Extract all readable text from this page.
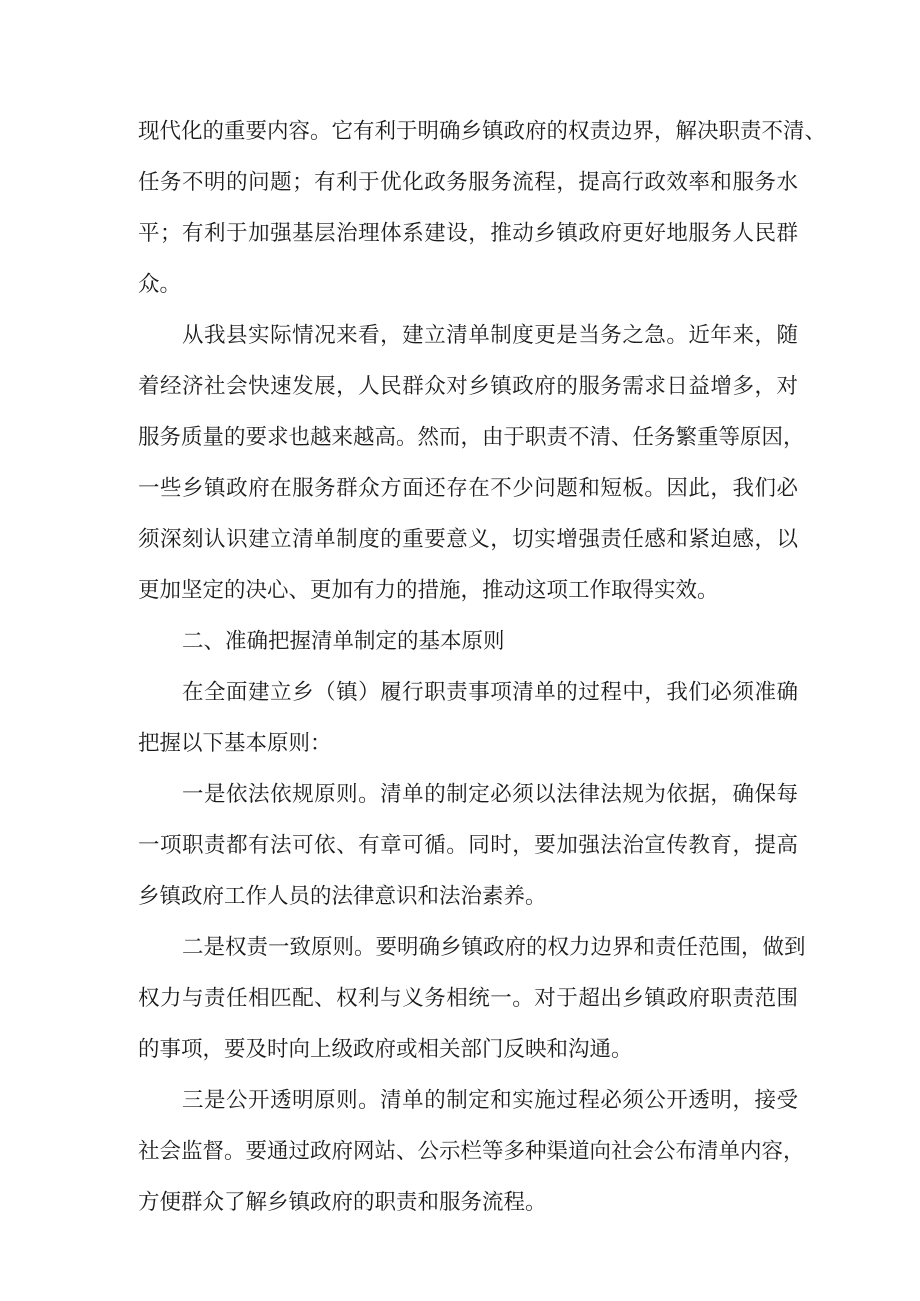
现代化的重要内容。它有利于明确乡镇政府的权责边界，解决职责不清、
任务不明的问题；有利于优化政务服务流程，提高行政效率和服务水
平；有利于加强基层治理体系建设，推动乡镇政府更好地服务人民群
众。
从我县实际情况来看，建立清单制度更是当务之急。近年来，随
着经济社会快速发展，人民群众对乡镇政府的服务需求日益增多，对
服务质量的要求也越来越高。然而，由于职责不清、任务繁重等原因，
一些乡镇政府在服务群众方面还存在不少问题和短板。因此，我们必
须深刻认识建立清单制度的重要意义，切实增强责任感和紧迫感，以
更加坚定的决心、更加有力的措施，推动这项工作取得实效。
二、准确把握清单制定的基本原则
在全面建立乡（镇）履行职责事项清单的过程中，我们必须准确
把握以下基本原则：
一是依法依规原则。清单的制定必须以法律法规为依据，确保每
一项职责都有法可依、有章可循。同时，要加强法治宣传教育，提高
乡镇政府工作人员的法律意识和法治素养。
二是权责一致原则。要明确乡镇政府的权力边界和责任范围，做到
权力与责任相匹配、权利与义务相统一。对于超出乡镇政府职责范围
的事项，要及时向上级政府或相关部门反映和沟通。
三是公开透明原则。清单的制定和实施过程必须公开透明，接受
社会监督。要通过政府网站、公示栏等多种渠道向社会公布清单内容，
方便群众了解乡镇政府的职责和服务流程。
